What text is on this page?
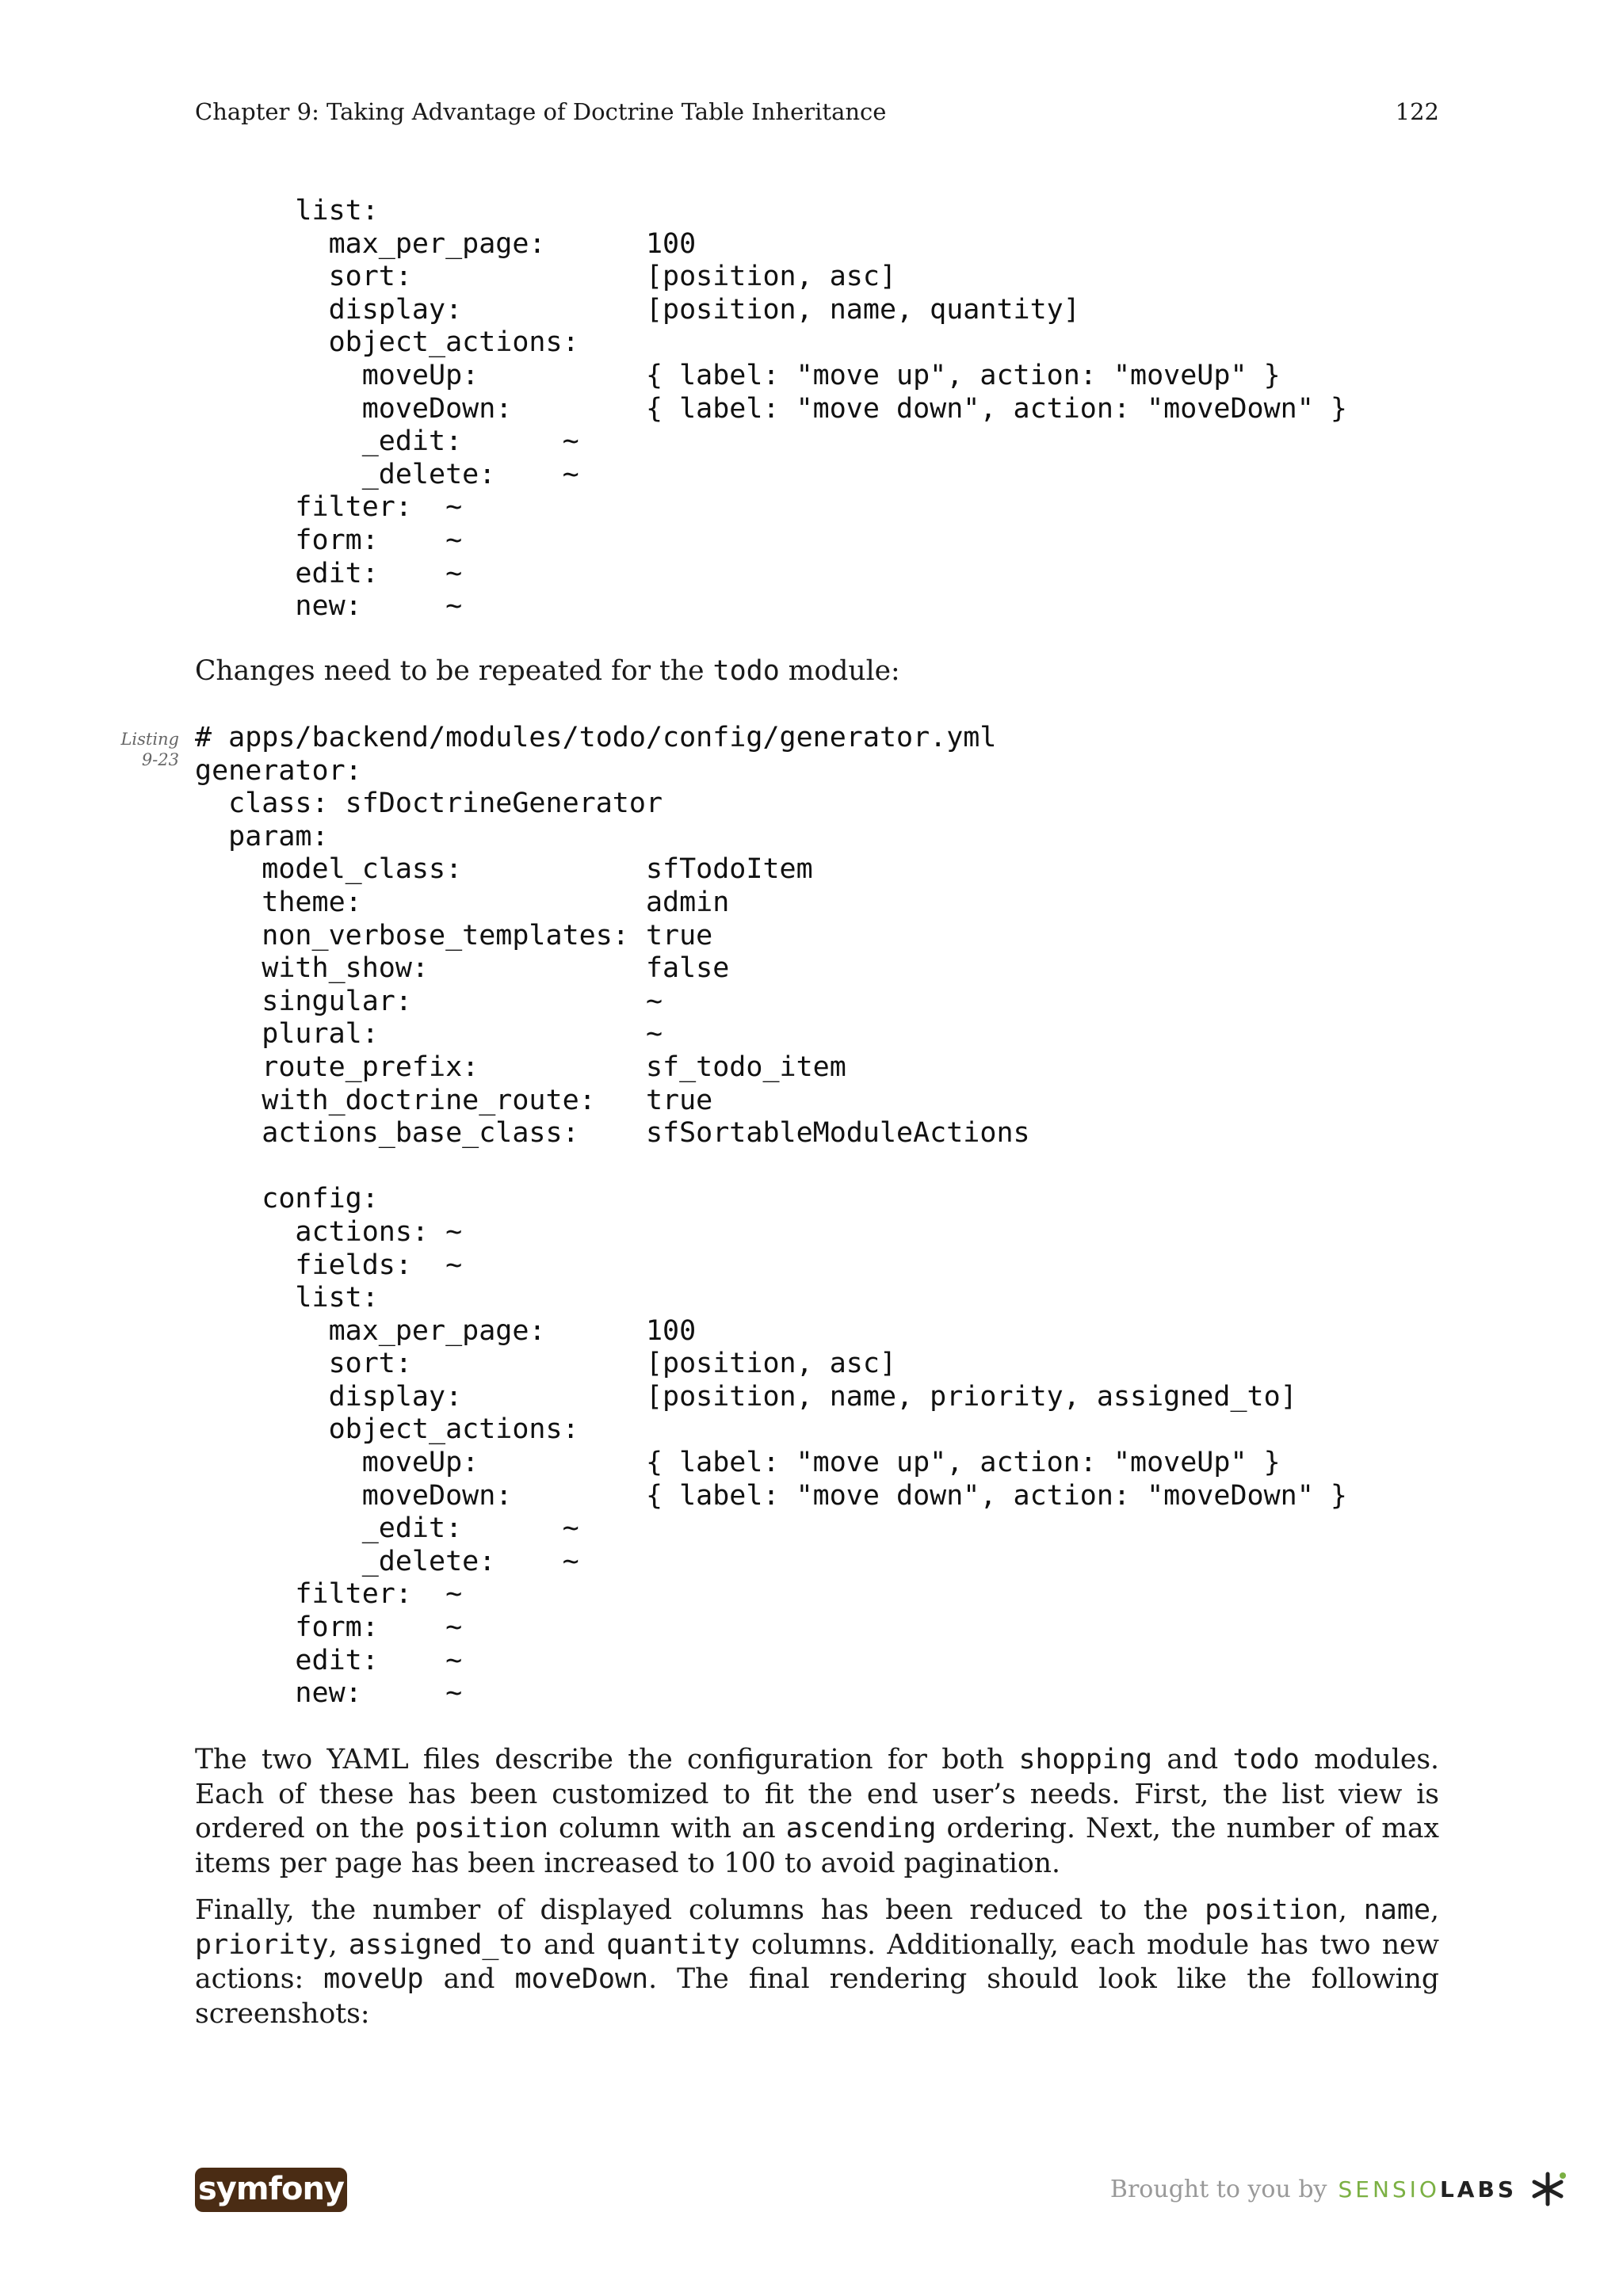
Chapter 9: Taking Advantage of Doctrine Table Inheritance	122
list:
max_per_page:      100
sort:              [position, asc]
display:           [position, name, quantity]
object_actions:
moveUp:          { label: "move up", action: "moveUp" }
moveDown:        { label: "move down", action: "moveDown" }
_edit:      ~
_delete:    ~
filter:  ~
form:    ~
edit:    ~
new:     ~
Changes need to be repeated for the todo module:
Listing
9-23
# apps/backend/modules/todo/config/generator.yml
generator:
class: sfDoctrineGenerator
param:
model_class:           sfTodoItem
theme:                 admin
non_verbose_templates: true
with_show:             false
singular:              ~
plural:                ~
route_prefix:          sf_todo_item
with_doctrine_route:   true
actions_base_class:    sfSortableModuleActions

config:
actions: ~
fields:  ~
list:
max_per_page:      100
sort:              [position, asc]
display:           [position, name, priority, assigned_to]
object_actions:
moveUp:          { label: "move up", action: "moveUp" }
moveDown:        { label: "move down", action: "moveDown" }
_edit:      ~
_delete:    ~
filter:  ~
form:    ~
edit:    ~
new:     ~
The two YAML files describe the configuration for both shopping and todo modules. Each of these has been customized to fit the end user’s needs. First, the list view is ordered on the position column with an ascending ordering. Next, the number of max items per page has been increased to 100 to avoid pagination.
Finally, the number of displayed columns has been reduced to the position, name, priority, assigned_to and quantity columns. Additionally, each module has two new actions: moveUp and moveDown. The final rendering should look like the following screenshots:
symfony	Brought to you by SENSIO LABS
